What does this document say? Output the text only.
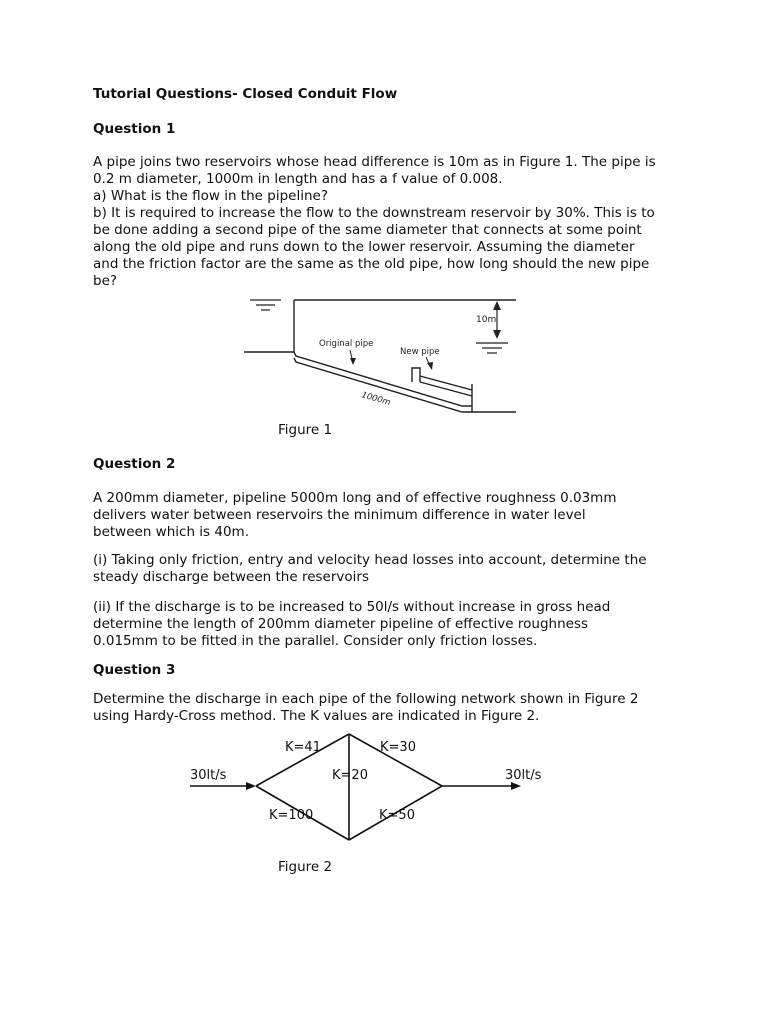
Tutorial Questions- Closed Conduit Flow
Question 1
A pipe joins two reservoirs whose head difference is 10m as in Figure 1. The pipe is
0.2 m diameter, 1000m in length and has a f value of 0.008.
a) What is the flow in the pipeline?
b) It is required to increase the flow to the downstream reservoir by 30%. This is to
be done adding a second pipe of the same diameter that connects at some point
along the old pipe and runs down to the lower reservoir. Assuming the diameter
and the friction factor are the same as the old pipe, how long should the new pipe
be?
10m
Original pipe
New pipe
1000m
Figure 1
Question 2
A 200mm diameter, pipeline 5000m long and of effective roughness 0.03mm
delivers water between reservoirs the minimum difference in water level
between which is 40m.
(i) Taking only friction, entry and velocity head losses into account, determine the
steady discharge between the reservoirs
(ii) If the discharge is to be increased to 50l/s without increase in gross head
determine the length of 200mm diameter pipeline of effective roughness
0.015mm to be fitted in the parallel. Consider only friction losses.
Question 3
Determine the discharge in each pipe of the following network shown in Figure 2
using Hardy-Cross method. The K values are indicated in Figure 2.
30lt/s	30lt/s
K=41	K=30
K=20
K=100	K=50
Figure 2
